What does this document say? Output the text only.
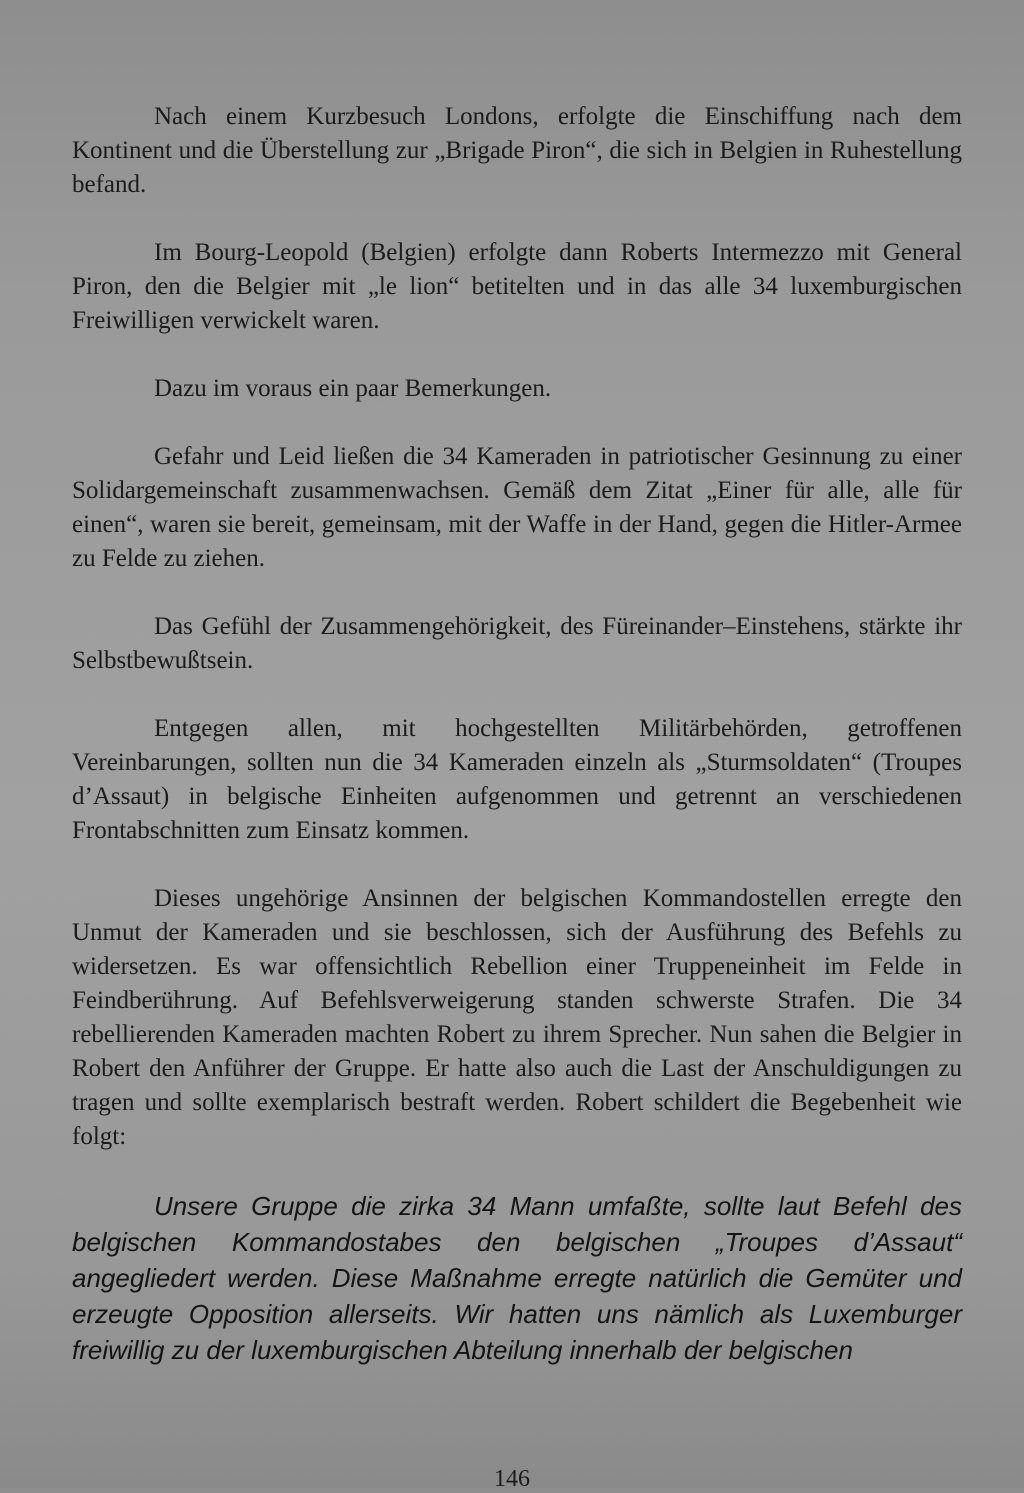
Nach einem Kurzbesuch Londons, erfolgte die Einschiffung nach dem Kontinent und die Überstellung zur „Brigade Piron“, die sich in Belgien in Ruhestellung befand.

Im Bourg-Leopold (Belgien) erfolgte dann Roberts Intermezzo mit General Piron, den die Belgier mit „le lion“ betitelten und in das alle 34 luxemburgischen Freiwilligen verwickelt waren.

Dazu im voraus ein paar Bemerkungen.

Gefahr und Leid ließen die 34 Kameraden in patriotischer Gesinnung zu einer Solidargemeinschaft zusammenwachsen. Gemäß dem Zitat „Einer für alle, alle für einen“, waren sie bereit, gemeinsam, mit der Waffe in der Hand, gegen die Hitler-Armee zu Felde zu ziehen.

Das Gefühl der Zusammengehörigkeit, des Füreinander–Einstehens, stärkte ihr Selbstbewußtsein.

Entgegen allen, mit hochgestellten Militärbehörden, getroffenen Vereinbarungen, sollten nun die 34 Kameraden einzeln als „Sturmsoldaten“ (Troupes d’Assaut) in belgische Einheiten aufgenommen und getrennt an verschiedenen Frontabschnitten zum Einsatz kommen.

Dieses ungehörige Ansinnen der belgischen Kommandostellen erregte den Unmut der Kameraden und sie beschlossen, sich der Ausführung des Befehls zu widersetzen. Es war offensichtlich Rebellion einer Truppeneinheit im Felde in Feindberührung. Auf Befehlsverweigerung standen schwerste Strafen. Die 34 rebellierenden Kameraden machten Robert zu ihrem Sprecher. Nun sahen die Belgier in Robert den Anführer der Gruppe. Er hatte also auch die Last der Anschuldigungen zu tragen und sollte exemplarisch bestraft werden. Robert schildert die Begebenheit wie folgt:

Unsere Gruppe die zirka 34 Mann umfaßte, sollte laut Befehl des belgischen Kommandostabes den belgischen „Troupes d’Assaut“ angegliedert werden. Diese Maßnahme erregte natürlich die Gemüter und erzeugte Opposition allerseits. Wir hatten uns nämlich als Luxemburger freiwillig zu der luxemburgischen Abteilung innerhalb der belgischen

146
